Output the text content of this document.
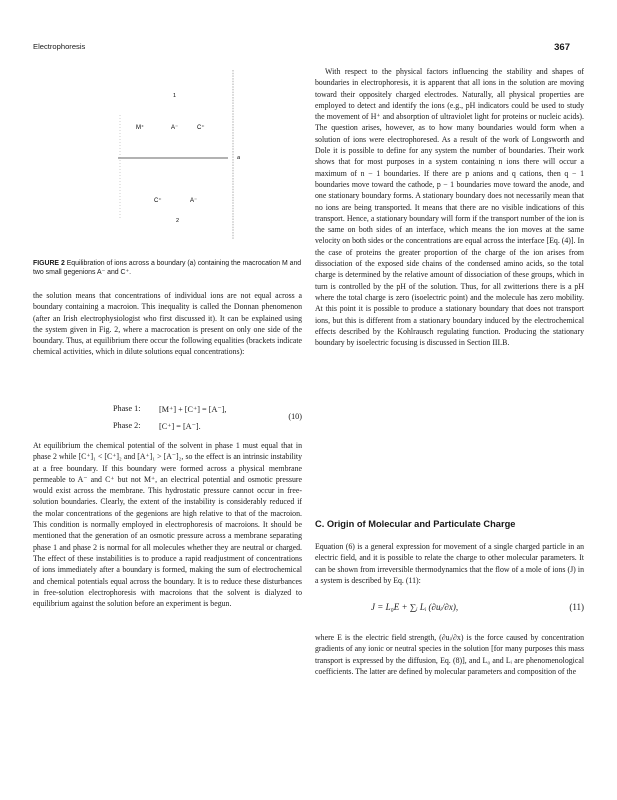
Electrophoresis	367
1
M⁺	A⁻	C⁺
a
C⁺	A⁻
2
FIGURE 2 Equilibration of ions across a boundary (a) containing the macrocation M and two small gegenions A⁻ and C⁺.

the solution means that concentrations of individual ions are not equal across a boundary containing a macroion. This inequality is called the Donnan phenomenon (after an Irish electrophysiologist who first discussed it). It can be explained using the system given in Fig. 2, where a macrocation is present on only one side of the boundary. Thus, at equilibrium there occur the following equalities (brackets indicate chemical activities, which in dilute solutions equal concentrations):

Phase 1: [M⁺] + [C⁺] = [A⁻],
Phase 2: [C⁺] = [A⁻].
(10)

At equilibrium the chemical potential of the solvent in phase 1 must equal that in phase 2 while [C⁺]₁ < [C⁺]₂ and [A⁺]₁ > [A⁻]₂, so the effect is an intrinsic instability at a free boundary. If this boundary were formed across a physical membrane permeable to A⁻ and C⁺ but not M⁺, an electrical potential and osmotic pressure would exist across the membrane. This hydrostatic pressure cannot occur in free-solution boundaries. Clearly, the extent of the instability is considerably reduced if the molar concentrations of the gegenions are high relative to that of the macroion. This condition is normally employed in electrophoresis of macroions. It should be mentioned that the generation of an osmotic pressure across a membrane separating phase 1 and phase 2 is normal for all molecules whether they are neutral or charged. The effect of these instabilities is to produce a rapid readjustment of concentrations of ions immediately after a boundary is formed, making the sum of electrochemical and chemical potentials equal across the boundary. It is to reduce these disturbances in free-solution electrophoresis with macroions that the solvent is dialyzed to equilibrium against the solution before an experiment is begun.

With respect to the physical factors influencing the stability and shapes of boundaries in electrophoresis, it is apparent that all ions in the solution are moving toward their oppositely charged electrodes. Naturally, all physical properties are employed to detect and identify the ions (e.g., pH indicators could be used to study the movement of H⁺ and absorption of ultraviolet light for proteins or nucleic acids). The question arises, however, as to how many boundaries would form when a solution of ions were electrophoresed. As a result of the work of Longsworth and Dole it is possible to define for any system the number of boundaries. Their work shows that for most purposes in a system containing n ions there will occur a maximum of n − 1 boundaries. If there are p anions and q cations, then q − 1 boundaries move toward the cathode, p − 1 boundaries move toward the anode, and one stationary boundary forms. A stationary boundary does not necessarily mean that no ions are being transported. It means that there are no visible indications of this transport. Hence, a stationary boundary will form if the transport number of the ion is the same on both sides of an interface, which means the ion moves at the same velocity on both sides or the concentrations are equal across the interface [Eq. (4)]. In the case of proteins the greater proportion of the charge of the ion arises from dissociation of the exposed side chains of the condensed amino acids, so the total charge is determined by the relative amount of dissociation of these groups, which in turn is controlled by the pH of the solution. Thus, for all zwitterions there is a pH where the total charge is zero (isoelectric point) and the molecule has zero mobility. At this point it is possible to produce a stationary boundary that does not transport ions, but this is different from a stationary boundary induced by the electrochemical effects described by the Kohlrausch regulating function. Producing the stationary boundary by isoelectric focusing is discussed in Section III.B.

C. Origin of Molecular and Particulate Charge

Equation (6) is a general expression for movement of a single charged particle in an electric field, and it is possible to relate the charge to other molecular parameters. It can be shown from irreversible thermodynamics that the flow of a mole of ions (J) in a system is described by Eq. (11):

J = L₀E + ∑ᵢ Lᵢ (∂uᵢ/∂x),	(11)

where E is the electric field strength, (∂uᵢ/∂x) is the force caused by concentration gradients of any ionic or neutral species in the solution [for many purposes this mass transport is expressed by the diffusion, Eq. (8)], and L₀ and Lᵢ are phenomenological coefficients. The latter are defined by molecular parameters and composition of the
